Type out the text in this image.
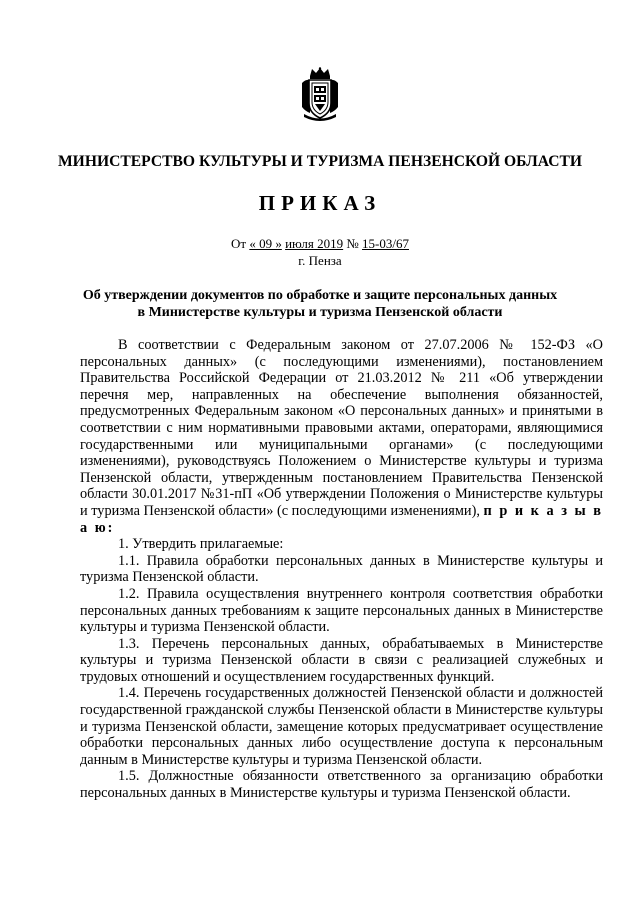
МИНИСТЕРСТВО КУЛЬТУРЫ И ТУРИЗМА ПЕНЗЕНСКОЙ ОБЛАСТИ
ПРИКАЗ
От « 09 » июля 2019 № 15-03/67
г. Пенза
Об утверждении документов по обработке и защите персональных данных
в Министерстве культуры и туризма Пензенской области

В соответствии с Федеральным законом от 27.07.2006 № 152-ФЗ «О персональных данных» (с последующими изменениями), постановлением Правительства Российской Федерации от 21.03.2012 № 211 «Об утверждении перечня мер, направленных на обеспечение выполнения обязанностей, предусмотренных Федеральным законом «О персональных данных» и принятыми в соответствии с ним нормативными правовыми актами, операторами, являющимися государственными или муниципальными органами» (с последующими изменениями), руководствуясь Положением о Министерстве культуры и туризма Пензенской области, утвержденным постановлением Правительства Пензенской области 30.01.2017 №31-пП «Об утверждении Положения о Министерстве культуры и туризма Пензенской области» (с последующими изменениями), п р и к а з ы в а ю:

1. Утвердить прилагаемые:

1.1. Правила обработки персональных данных в Министерстве культуры и туризма Пензенской области.

1.2. Правила осуществления внутреннего контроля соответствия обработки персональных данных требованиям к защите персональных данных в Министерстве культуры и туризма Пензенской области.

1.3. Перечень персональных данных, обрабатываемых в Министерстве культуры и туризма Пензенской области в связи с реализацией служебных и трудовых отношений и осуществлением государственных функций.

1.4. Перечень государственных должностей Пензенской области и должностей государственной гражданской службы Пензенской области в Министерстве культуры и туризма Пензенской области, замещение которых предусматривает осуществление обработки персональных данных либо осуществление доступа к персональным данным в Министерстве культуры и туризма Пензенской области.

1.5. Должностные обязанности ответственного за организацию обработки персональных данных в Министерстве культуры и туризма Пензенской области.
